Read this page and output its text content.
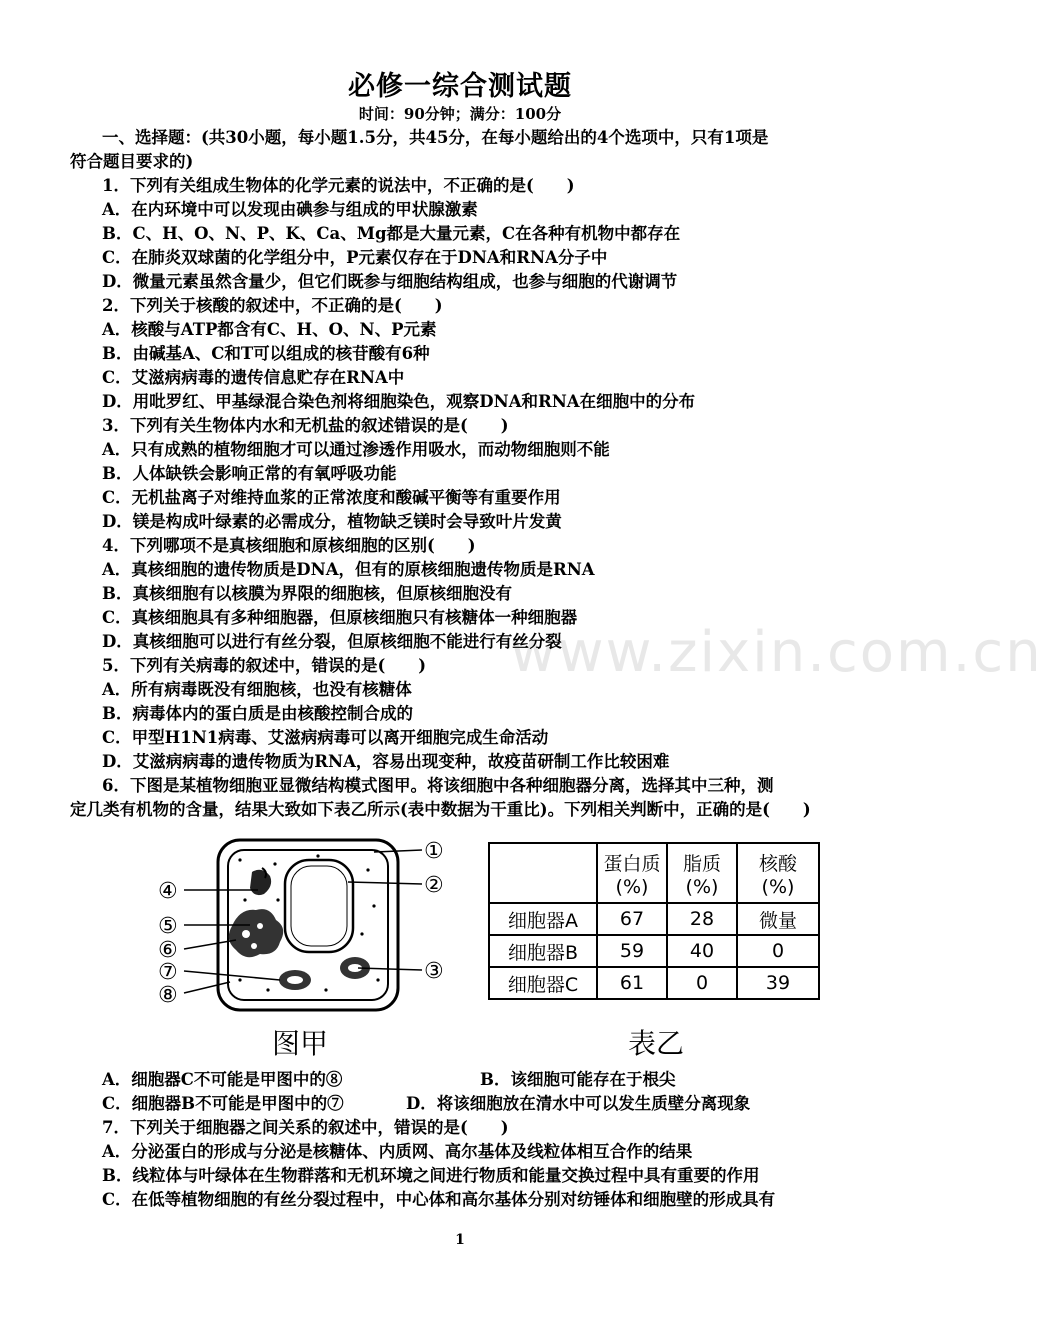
www.zixin.com.cn
必修一综合测试题
时间：90分钟；满分：100分
一、选择题：(共30小题，每小题1.5分，共45分，在每小题给出的4个选项中，只有1项是
符合题目要求的)
1．下列有关组成生物体的化学元素的说法中，不正确的是(　　)
A．在内环境中可以发现由碘参与组成的甲状腺激素
B．C、H、O、N、P、K、Ca、Mg都是大量元素，C在各种有机物中都存在
C．在肺炎双球菌的化学组分中，P元素仅存在于DNA和RNA分子中
D．微量元素虽然含量少，但它们既参与细胞结构组成，也参与细胞的代谢调节
2．下列关于核酸的叙述中，不正确的是(　　)
A．核酸与ATP都含有C、H、O、N、P元素
B．由碱基A、C和T可以组成的核苷酸有6种
C．艾滋病病毒的遗传信息贮存在RNA中
D．用吡罗红、甲基绿混合染色剂将细胞染色，观察DNA和RNA在细胞中的分布
3．下列有关生物体内水和无机盐的叙述错误的是(　　)
A．只有成熟的植物细胞才可以通过渗透作用吸水，而动物细胞则不能
B．人体缺铁会影响正常的有氧呼吸功能
C．无机盐离子对维持血浆的正常浓度和酸碱平衡等有重要作用
D．镁是构成叶绿素的必需成分，植物缺乏镁时会导致叶片发黄
4．下列哪项不是真核细胞和原核细胞的区别(　　)
A．真核细胞的遗传物质是DNA，但有的原核细胞遗传物质是RNA
B．真核细胞有以核膜为界限的细胞核，但原核细胞没有
C．真核细胞具有多种细胞器，但原核细胞只有核糖体一种细胞器
D．真核细胞可以进行有丝分裂，但原核细胞不能进行有丝分裂
5．下列有关病毒的叙述中，错误的是(　　)
A．所有病毒既没有细胞核，也没有核糖体
B．病毒体内的蛋白质是由核酸控制合成的
C．甲型H1N1病毒、艾滋病病毒可以离开细胞完成生命活动
D．艾滋病病毒的遗传物质为RNA，容易出现变种，故疫苗研制工作比较困难
6．下图是某植物细胞亚显微结构模式图甲。将该细胞中各种细胞器分离，选择其中三种，测
定几类有机物的含量，结果大致如下表乙所示(表中数据为干重比)。下列相关判断中，正确的是(　　)
①
②
③
④
⑤
⑥
⑦
⑧
	蛋白质
(%)	脂质
(%)	核酸
(%)
细胞器A	67	28	微量
细胞器B	59	40	0
细胞器C	61	0	39
图甲	表乙
A．细胞器C不可能是甲图中的⑧	B．该细胞可能存在于根尖
C．细胞器B不可能是甲图中的⑦	D．将该细胞放在清水中可以发生质壁分离现象
7．下列关于细胞器之间关系的叙述中，错误的是(　　)
A．分泌蛋白的形成与分泌是核糖体、内质网、高尔基体及线粒体相互合作的结果
B．线粒体与叶绿体在生物群落和无机环境之间进行物质和能量交换过程中具有重要的作用
C．在低等植物细胞的有丝分裂过程中，中心体和高尔基体分别对纺锤体和细胞壁的形成具有
1
